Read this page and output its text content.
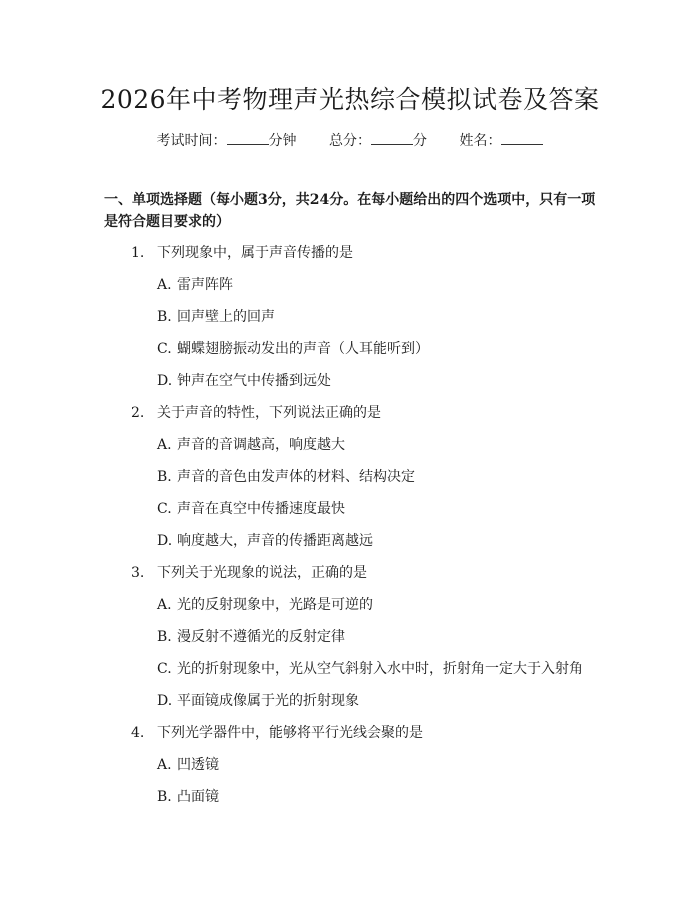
2026年中考物理声光热综合模拟试卷及答案
考试时间：	分钟 总分：	分 姓名：
一、单项选择题（每小题3分，共24分。在每小题给出的四个选项中，只有一项是符合题目要求的）
1. 下列现象中，属于声音传播的是
A. 雷声阵阵
B. 回声壁上的回声
C. 蝴蝶翅膀振动发出的声音（人耳能听到）
D. 钟声在空气中传播到远处
2. 关于声音的特性，下列说法正确的是
A. 声音的音调越高，响度越大
B. 声音的音色由发声体的材料、结构决定
C. 声音在真空中传播速度最快
D. 响度越大，声音的传播距离越远
3. 下列关于光现象的说法，正确的是
A. 光的反射现象中，光路是可逆的
B. 漫反射不遵循光的反射定律
C. 光的折射现象中，光从空气斜射入水中时，折射角一定大于入射角
D. 平面镜成像属于光的折射现象
4. 下列光学器件中，能够将平行光线会聚的是
A. 凹透镜
B. 凸面镜
